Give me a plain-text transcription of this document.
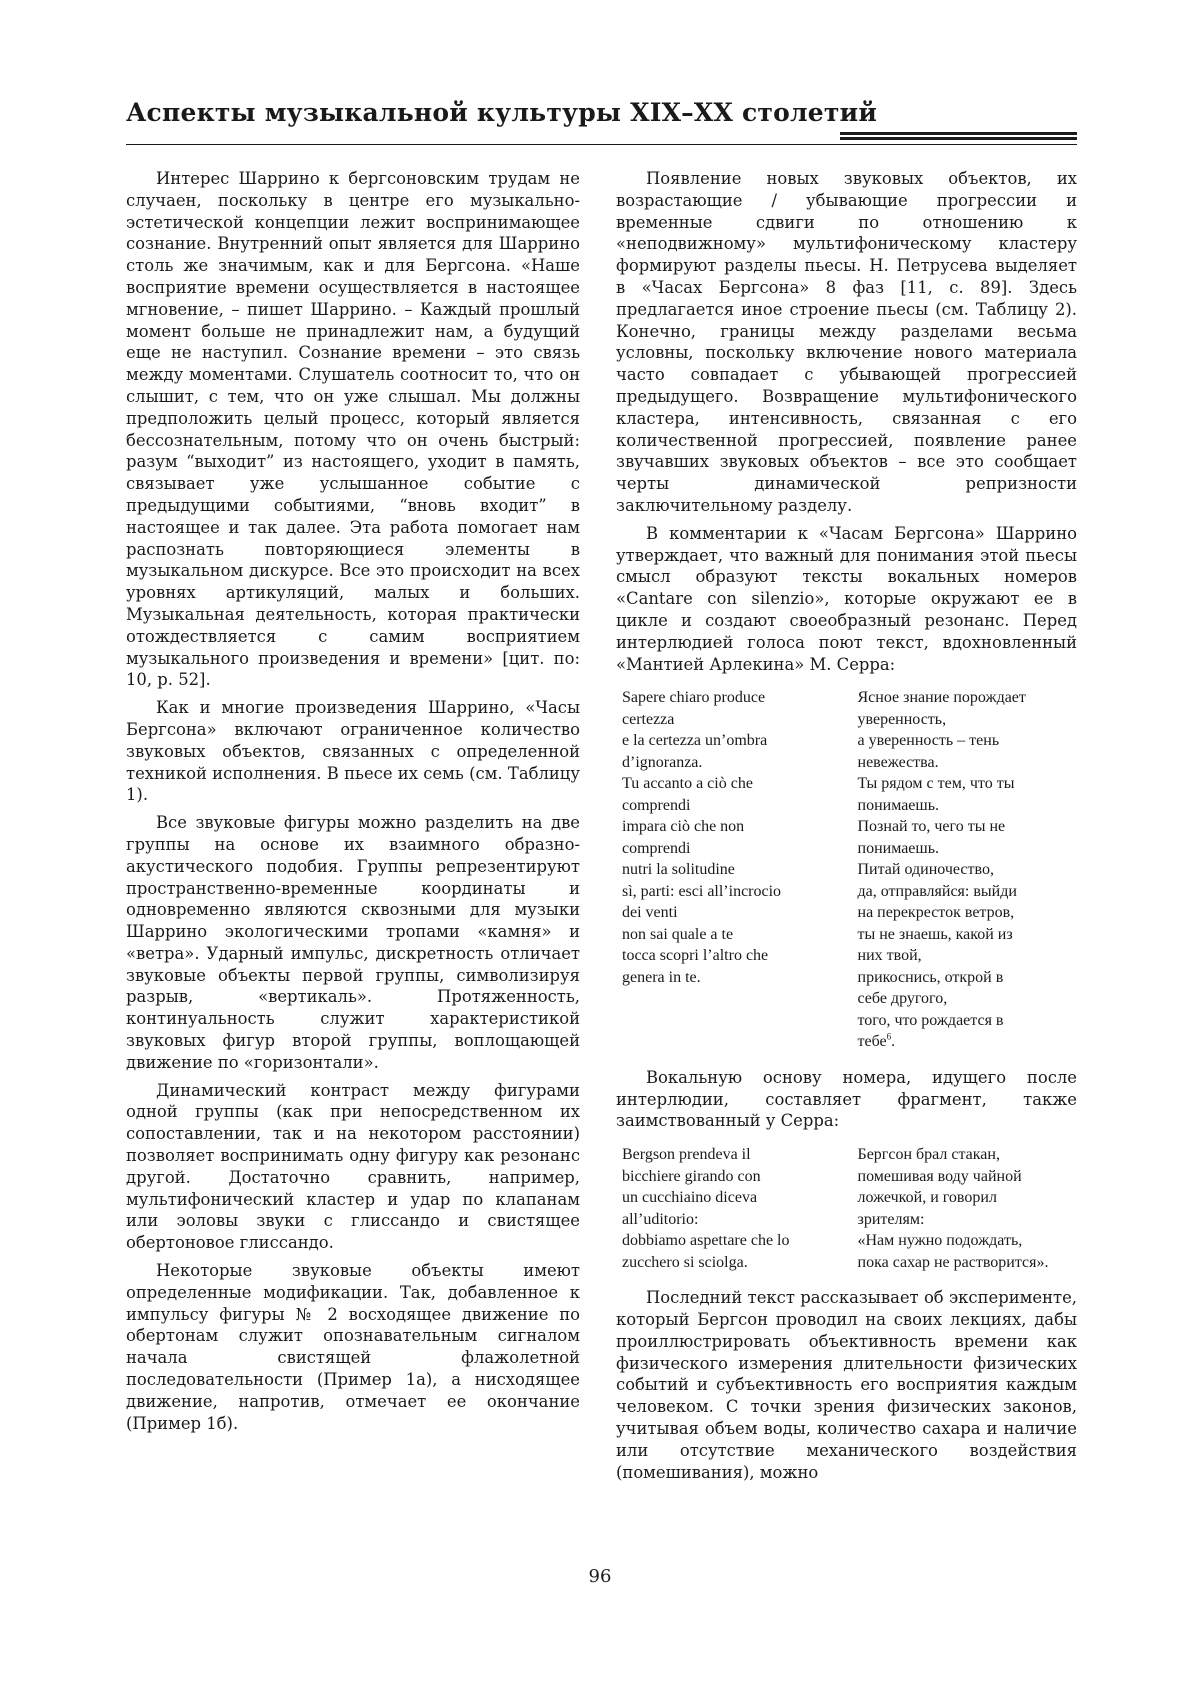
Аспекты музыкальной культуры XIX–XX столетий

Интерес Шаррино к бергсоновским трудам не случаен, поскольку в центре его музыкально-эстетической концепции лежит воспринимающее сознание. Внутренний опыт является для Шаррино столь же значимым, как и для Бергсона. «Наше восприятие времени осуществляется в настоящее мгновение, – пишет Шаррино. – Каждый прошлый момент больше не принадлежит нам, а будущий еще не наступил. Сознание времени – это связь между моментами. Слушатель соотносит то, что он слышит, с тем, что он уже слышал. Мы должны предположить целый процесс, который является бессознательным, потому что он очень быстрый: разум “выходит” из настоящего, уходит в память, связывает уже услышанное событие с предыдущими событиями, “вновь входит” в настоящее и так далее. Эта работа помогает нам распознать повторяющиеся элементы в музыкальном дискурсе. Все это происходит на всех уровнях артикуляций, малых и больших. Музыкальная деятельность, которая практически отождествляется с самим восприятием музыкального произведения и времени» [цит. по: 10, p. 52].

Как и многие произведения Шаррино, «Часы Бергсона» включают ограниченное количество звуковых объектов, связанных с определенной техникой исполнения. В пьесе их семь (см. Таблицу 1).

Все звуковые фигуры можно разделить на две группы на основе их взаимного образно-акустического подобия. Группы репрезентируют пространственно-временные координаты и одновременно являются сквозными для музыки Шаррино экологическими тропами «камня» и «ветра». Ударный импульс, дискретность отличает звуковые объекты первой группы, символизируя разрыв, «вертикаль». Протяженность, континуальность служит характеристикой звуковых фигур второй группы, воплощающей движение по «горизонтали».

Динамический контраст между фигурами одной группы (как при непосредственном их сопоставлении, так и на некотором расстоянии) позволяет воспринимать одну фигуру как резонанс другой. Достаточно сравнить, например, мультифонический кластер и удар по клапанам или эоловы звуки с глиссандо и свистящее обертоновое глиссандо.

Некоторые звуковые объекты имеют определенные модификации. Так, добавленное к импульсу фигуры № 2 восходящее движение по обертонам служит опознавательным сигналом начала свистящей флажолетной последовательности (Пример 1а), а нисходящее движение, напротив, отмечает ее окончание (Пример 1б).

Появление новых звуковых объектов, их возрастающие / убывающие прогрессии и временные сдвиги по отношению к «неподвижному» мультифоническому кластеру формируют разделы пьесы. Н. Петрусева выделяет в «Часах Бергсона» 8 фаз [11, с. 89]. Здесь предлагается иное строение пьесы (см. Таблицу 2). Конечно, границы между разделами весьма условны, поскольку включение нового материала часто совпадает с убывающей прогрессией предыдущего. Возвращение мультифонического кластера, интенсивность, связанная с его количественной прогрессией, появление ранее звучавших звуковых объектов – все это сообщает черты динамической репризности заключительному разделу.

В комментарии к «Часам Бергсона» Шаррино утверждает, что важный для понимания этой пьесы смысл образуют тексты вокальных номеров «Cantare con silenzio», которые окружают ее в цикле и создают своеобразный резонанс. Перед интерлюдией голоса поют текст, вдохновленный «Мантией Арлекина» М. Серра:

Sapere chiaro produce
certezza
e la certezza un’ombra
d’ignoranza.
Tu accanto a ciò che
comprendi
impara ciò che non
comprendi
nutri la solitudine
sì, parti: esci all’incrocio
dei venti
non sai quale a te
tocca scopri l’altro che
genera in te.
Ясное знание порождает
уверенность,
а уверенность – тень
невежества.
Ты рядом с тем, что ты
понимаешь.
Познай то, чего ты не
понимаешь.
Питай одиночество,
да, отправляйся: выйди
на перекресток ветров,
ты не знаешь, какой из
них твой,
прикоснись, открой в
себе другого,
того, что рождается в
тебе$^6$.

Вокальную основу номера, идущего после интерлюдии, составляет фрагмент, также заимствованный у Серра:

Bergson prendeva il
bicchiere girando con
un cucchiaino diceva
all’uditorio:
dobbiamo aspettare che lo
zucchero si sciolga.
Бергсон брал стакан,
помешивая воду чайной
ложечкой, и говорил
зрителям:
«Нам нужно подождать,
пока сахар не растворится».

Последний текст рассказывает об эксперименте, который Бергсон проводил на своих лекциях, дабы проиллюстрировать объективность времени как физического измерения длительности физических событий и субъективность его восприятия каждым человеком. С точки зрения физических законов, учитывая объем воды, количество сахара и наличие или отсутствие механического воздействия (помешивания), можно

96
